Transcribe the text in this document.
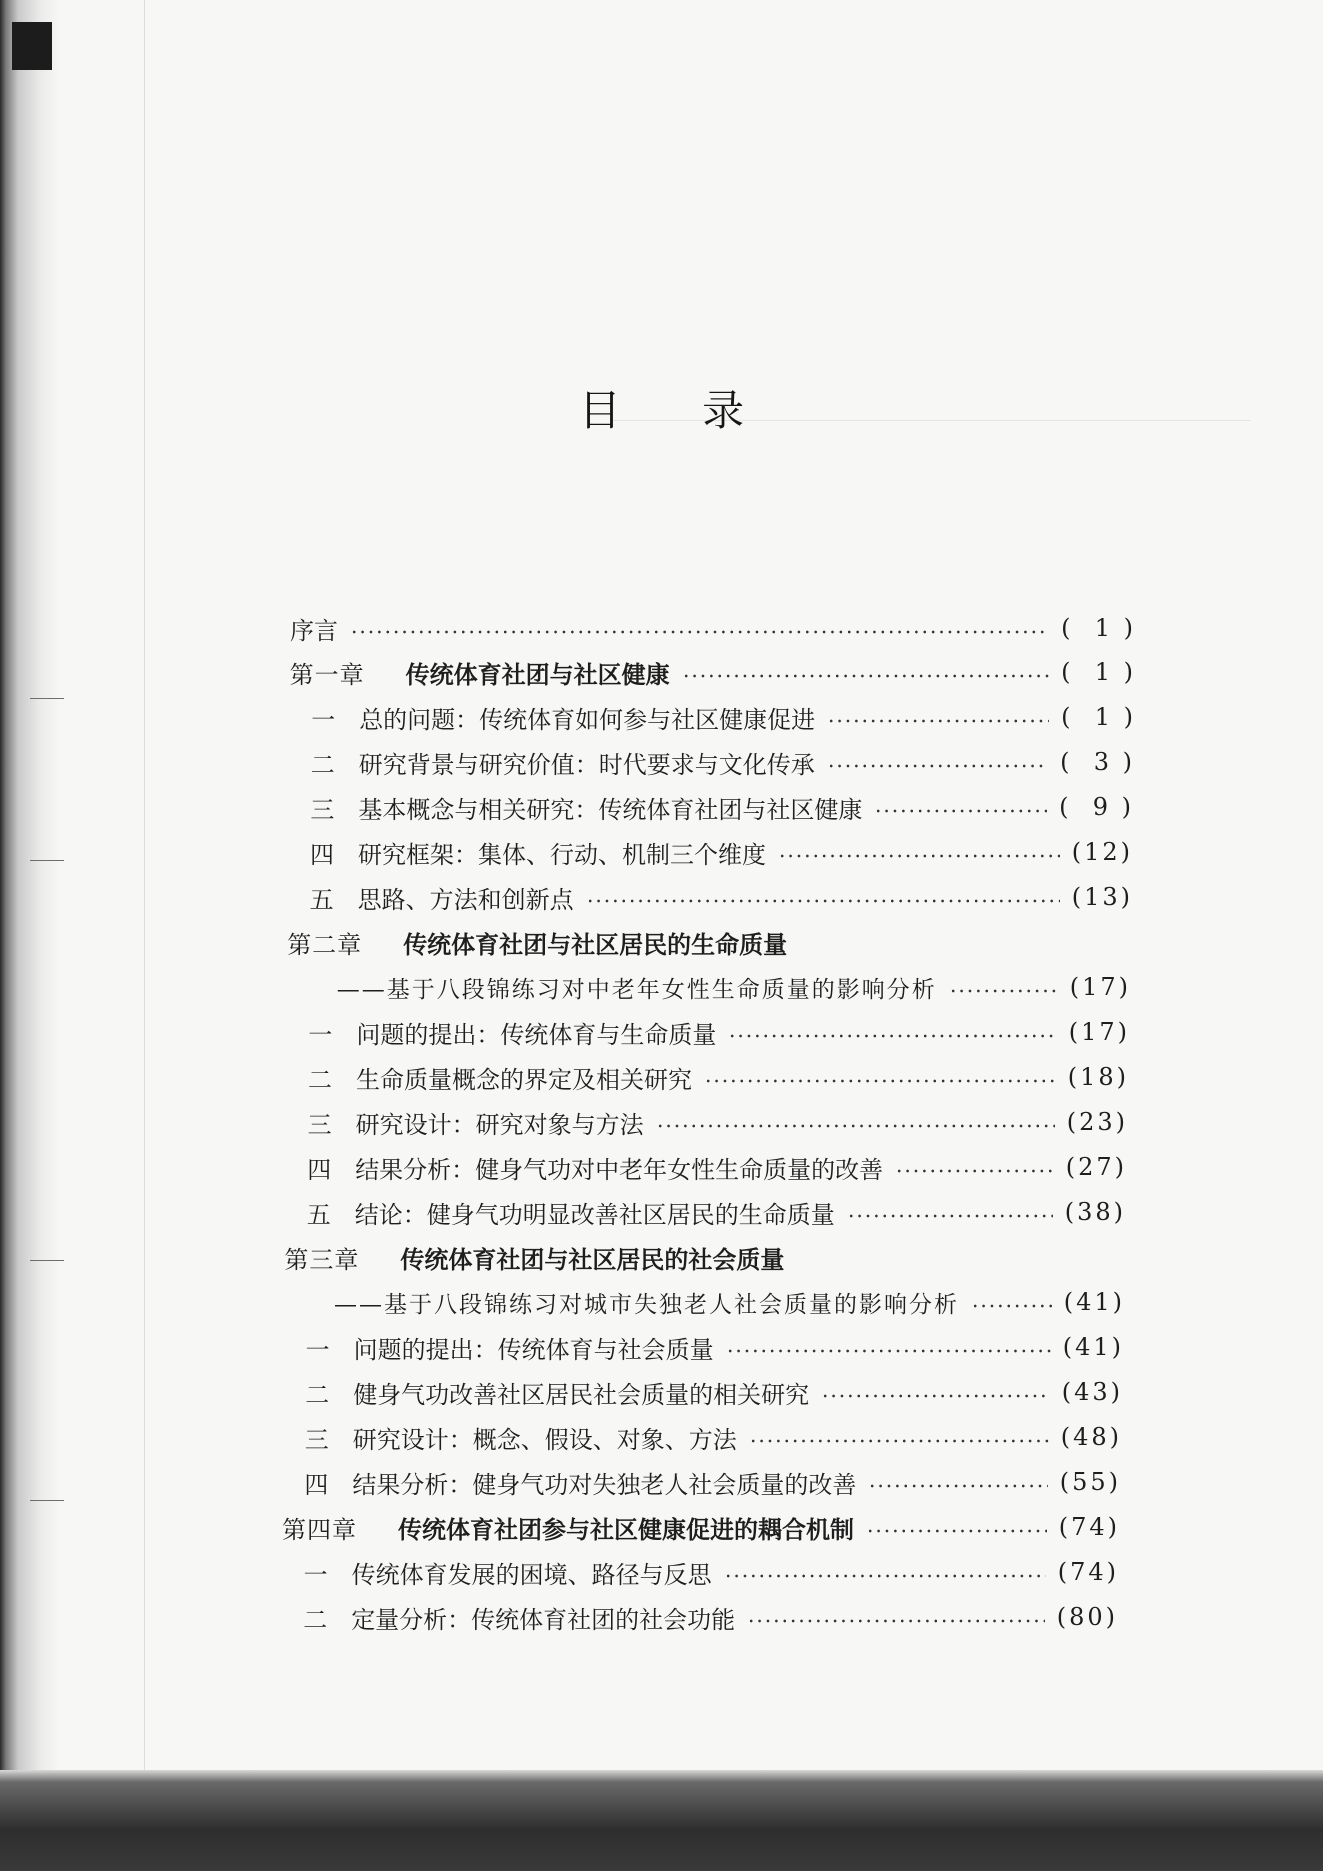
目 录
序言	(  1 )
第一章	传统体育社团与社区健康	(  1 )
一	总的问题：传统体育如何参与社区健康促进	(  1 )
二	研究背景与研究价值：时代要求与文化传承	(  3 )
三	基本概念与相关研究：传统体育社团与社区健康	(  9 )
四	研究框架：集体、行动、机制三个维度	(12)
五	思路、方法和创新点	(13)
第二章	传统体育社团与社区居民的生命质量
——基于八段锦练习对中老年女性生命质量的影响分析	(17)
一	问题的提出：传统体育与生命质量	(17)
二	生命质量概念的界定及相关研究	(18)
三	研究设计：研究对象与方法	(23)
四	结果分析：健身气功对中老年女性生命质量的改善	(27)
五	结论：健身气功明显改善社区居民的生命质量	(38)
第三章	传统体育社团与社区居民的社会质量
——基于八段锦练习对城市失独老人社会质量的影响分析	(41)
一	问题的提出：传统体育与社会质量	(41)
二	健身气功改善社区居民社会质量的相关研究	(43)
三	研究设计：概念、假设、对象、方法	(48)
四	结果分析：健身气功对失独老人社会质量的改善	(55)
第四章	传统体育社团参与社区健康促进的耦合机制	(74)
一	传统体育发展的困境、路径与反思	(74)
二	定量分析：传统体育社团的社会功能	(80)
